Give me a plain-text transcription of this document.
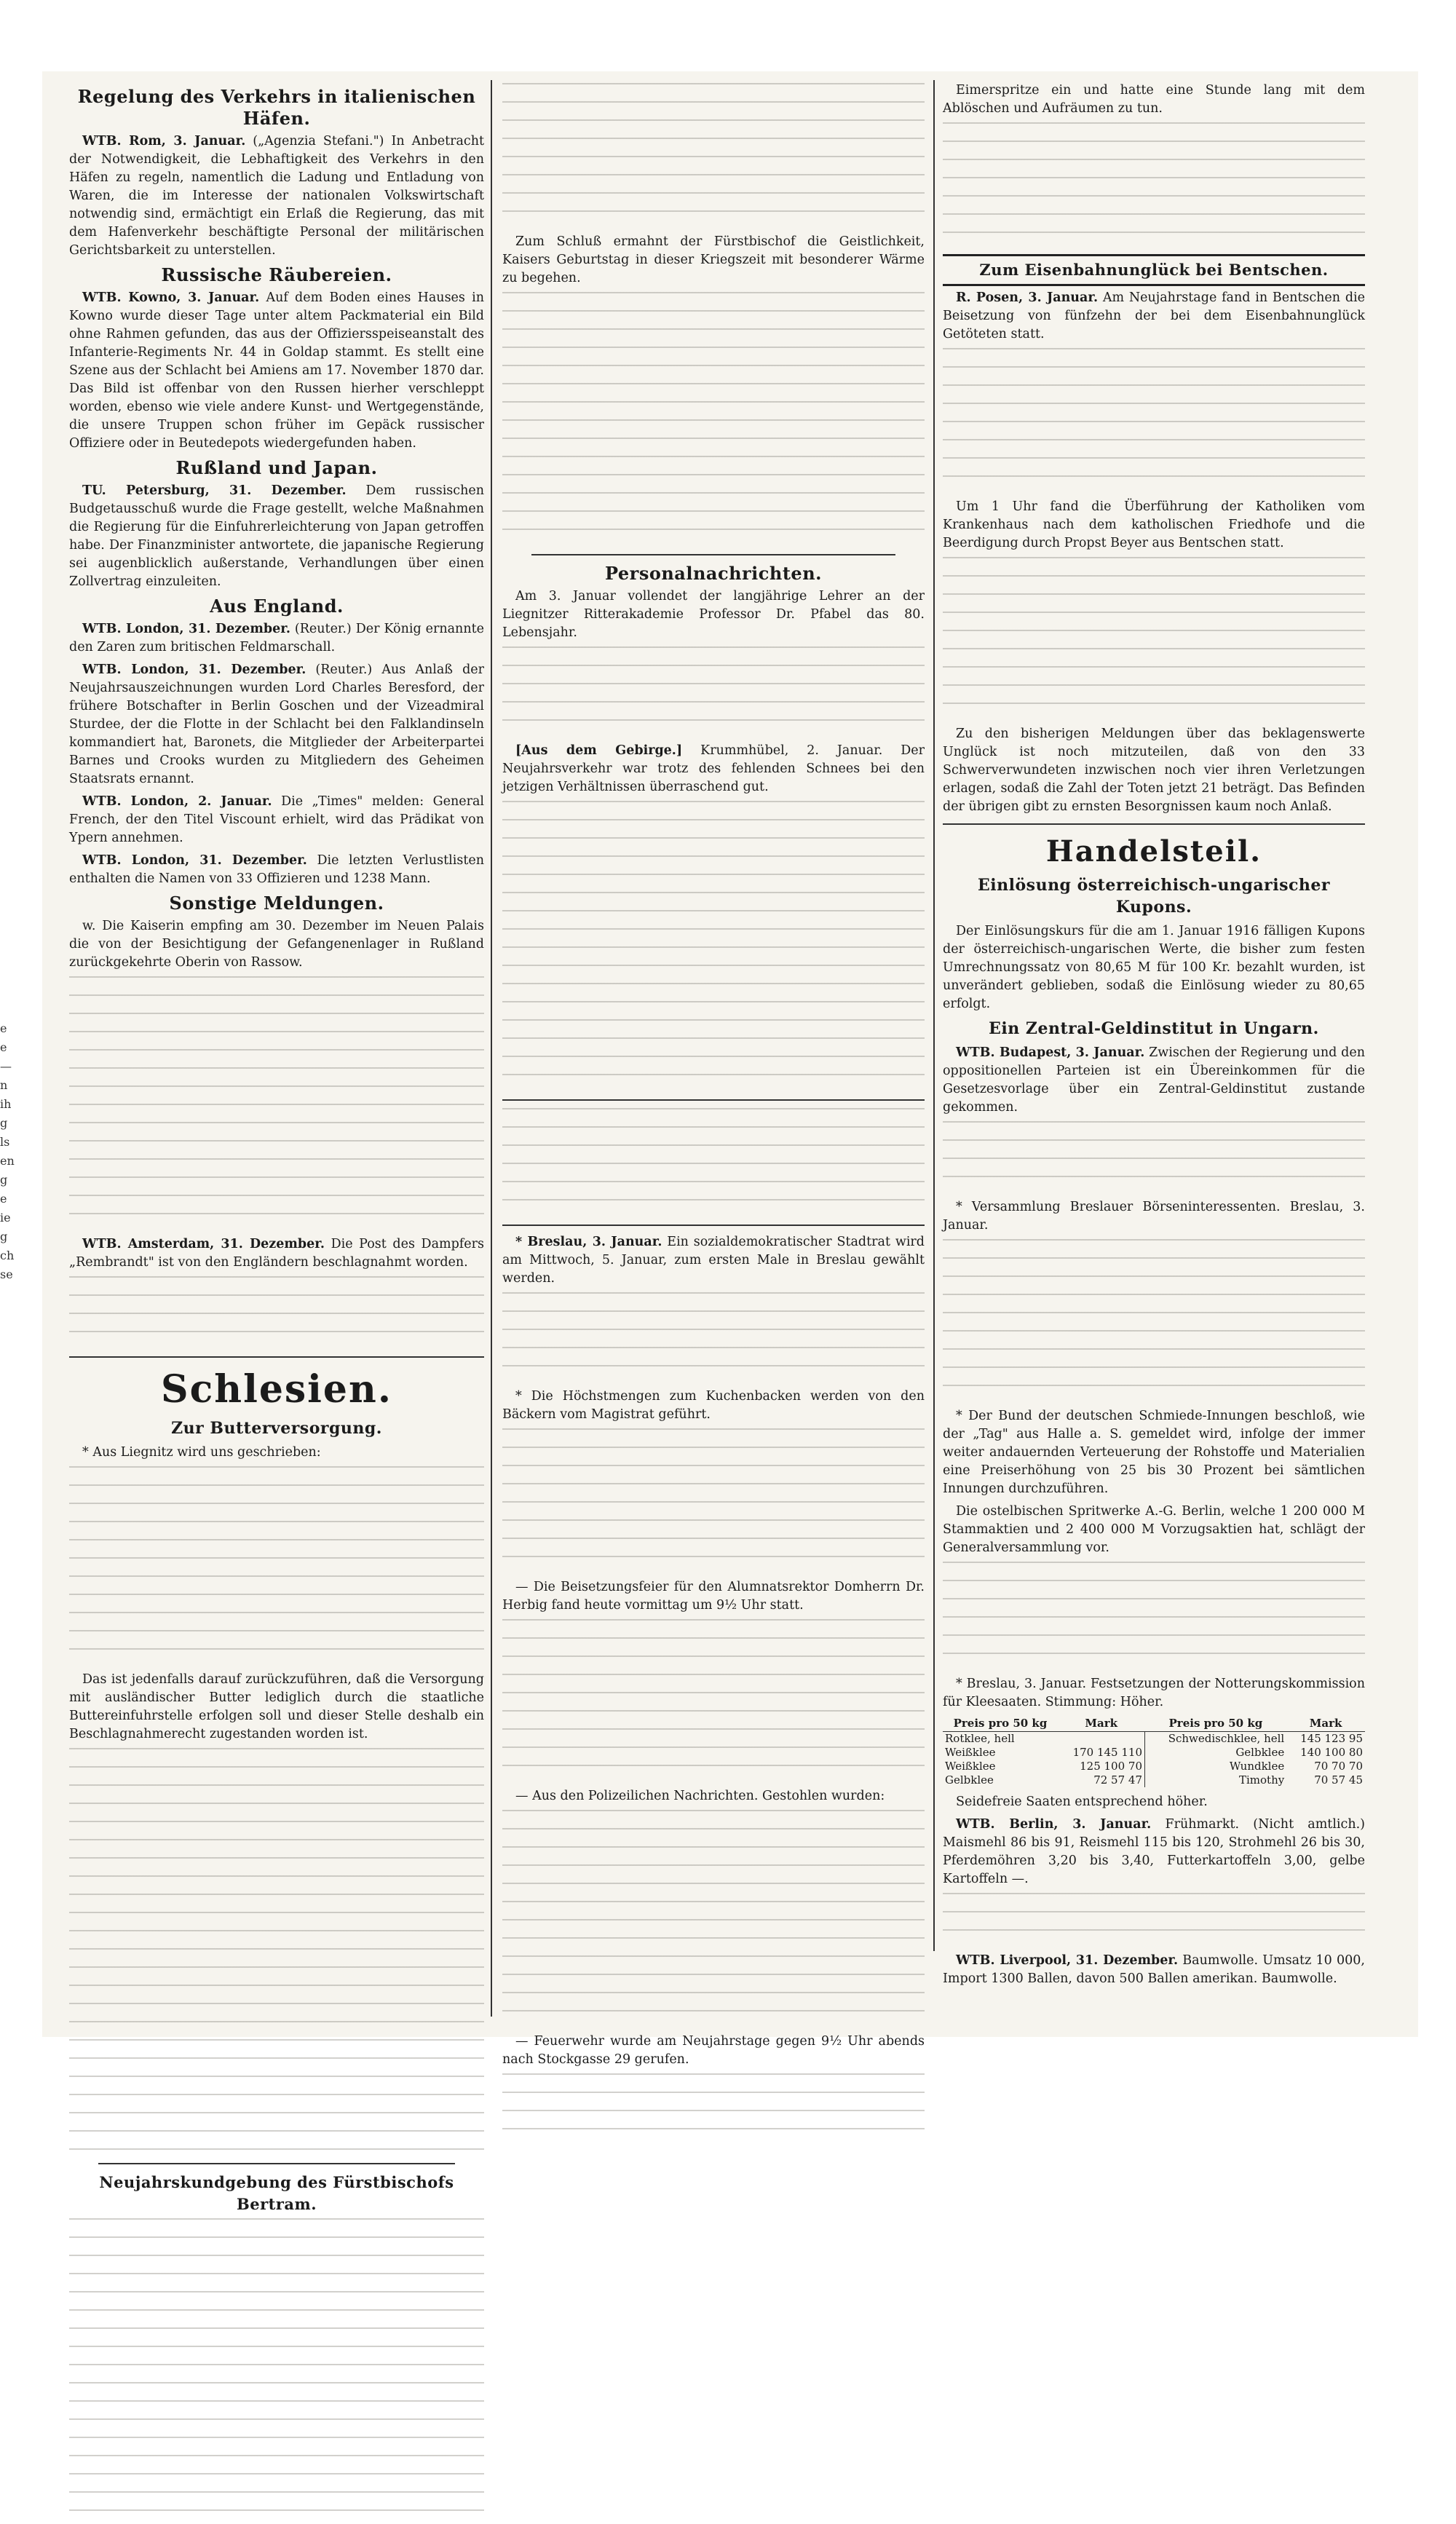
e
e
—
n
ih
g
ls
en
g
e
ie
g
ch
se
Regelung des Verkehrs in italienischen Häfen.

WTB. Rom, 3. Januar. („Agenzia Stefani.") In Anbetracht der Notwendigkeit, die Lebhaftigkeit des Verkehrs in den Häfen zu regeln, namentlich die Ladung und Entladung von Waren, die im Interesse der nationalen Volkswirtschaft notwendig sind, ermächtigt ein Erlaß die Regierung, das mit dem Hafenverkehr beschäftigte Personal der militärischen Gerichtsbarkeit zu unterstellen.

Russische Räubereien.

WTB. Kowno, 3. Januar. Auf dem Boden eines Hauses in Kowno wurde dieser Tage unter altem Packmaterial ein Bild ohne Rahmen gefunden, das aus der Offiziersspeiseanstalt des Infanterie-Regiments Nr. 44 in Goldap stammt. Es stellt eine Szene aus der Schlacht bei Amiens am 17. November 1870 dar. Das Bild ist offenbar von den Russen hierher verschleppt worden, ebenso wie viele andere Kunst- und Wertgegenstände, die unsere Truppen schon früher im Gepäck russischer Offiziere oder in Beutedepots wiedergefunden haben.

Rußland und Japan.

TU. Petersburg, 31. Dezember. Dem russischen Budgetausschuß wurde die Frage gestellt, welche Maßnahmen die Regierung für die Einfuhrerleichterung von Japan getroffen habe. Der Finanzminister antwortete, die japanische Regierung sei augenblicklich außerstande, Verhandlungen über einen Zollvertrag einzuleiten.

Aus England.

WTB. London, 31. Dezember. (Reuter.) Der König ernannte den Zaren zum britischen Feldmarschall.

WTB. London, 31. Dezember. (Reuter.) Aus Anlaß der Neujahrsauszeichnungen wurden Lord Charles Beresford, der frühere Botschafter in Berlin Goschen und der Vizeadmiral Sturdee, der die Flotte in der Schlacht bei den Falklandinseln kommandiert hat, Baronets, die Mitglieder der Arbeiterpartei Barnes und Crooks wurden zu Mitgliedern des Geheimen Staatsrats ernannt.

WTB. London, 2. Januar. Die „Times" melden: General French, der den Titel Viscount erhielt, wird das Prädikat von Ypern annehmen.

WTB. London, 31. Dezember. Die letzten Verlustlisten enthalten die Namen von 33 Offizieren und 1238 Mann.

Sonstige Meldungen.

w. Die Kaiserin empfing am 30. Dezember im Neuen Palais die von der Besichtigung der Gefangenenlager in Rußland zurückgekehrte Oberin von Rassow.

WTB. Amsterdam, 31. Dezember. Die Post des Dampfers „Rembrandt" ist von den Engländern beschlagnahmt worden.

Schlesien.
Zur Butterversorgung.

* Aus Liegnitz wird uns geschrieben:

Das ist jedenfalls darauf zurückzuführen, daß die Versorgung mit ausländischer Butter lediglich durch die staatliche Buttereinfuhrstelle erfolgen soll und dieser Stelle deshalb ein Beschlagnahmerecht zugestanden worden ist.

Neujahrskundgebung des Fürstbischofs Bertram.

Zum Schluß ermahnt der Fürstbischof die Geistlichkeit, Kaisers Geburtstag in dieser Kriegszeit mit besonderer Wärme zu begehen.

Personalnachrichten.

Am 3. Januar vollendet der langjährige Lehrer an der Liegnitzer Ritterakademie Professor Dr. Pfabel das 80. Lebensjahr.

[Aus dem Gebirge.] Krummhübel, 2. Januar. Der Neujahrsverkehr war trotz des fehlenden Schnees bei den jetzigen Verhältnissen überraschend gut.

* Breslau, 3. Januar. Ein sozialdemokratischer Stadtrat wird am Mittwoch, 5. Januar, zum ersten Male in Breslau gewählt werden.

* Die Höchstmengen zum Kuchenbacken werden von den Bäckern vom Magistrat geführt.

— Die Beisetzungsfeier für den Alumnatsrektor Domherrn Dr. Herbig fand heute vormittag um 9½ Uhr statt.

— Aus den Polizeilichen Nachrichten. Gestohlen wurden:

— Feuerwehr wurde am Neujahrstage gegen 9½ Uhr abends nach Stockgasse 29 gerufen.

Eimerspritze ein und hatte eine Stunde lang mit dem Ablöschen und Aufräumen zu tun.

Zum Eisenbahnunglück bei Bentschen.

R. Posen, 3. Januar. Am Neujahrstage fand in Bentschen die Beisetzung von fünfzehn der bei dem Eisenbahnunglück Getöteten statt.

Um 1 Uhr fand die Überführung der Katholiken vom Krankenhaus nach dem katholischen Friedhofe und die Beerdigung durch Propst Beyer aus Bentschen statt.

Zu den bisherigen Meldungen über das beklagenswerte Unglück ist noch mitzuteilen, daß von den 33 Schwerverwundeten inzwischen noch vier ihren Verletzungen erlagen, sodaß die Zahl der Toten jetzt 21 beträgt. Das Befinden der übrigen gibt zu ernsten Besorgnissen kaum noch Anlaß.

Handelsteil.
Einlösung österreichisch-ungarischer Kupons.

Der Einlösungskurs für die am 1. Januar 1916 fälligen Kupons der österreichisch-ungarischen Werte, die bisher zum festen Umrechnungssatz von 80,65 M für 100 Kr. bezahlt wurden, ist unverändert geblieben, sodaß die Einlösung wieder zu 80,65 erfolgt.

Ein Zentral-Geldinstitut in Ungarn.

WTB. Budapest, 3. Januar. Zwischen der Regierung und den oppositionellen Parteien ist ein Übereinkommen für die Gesetzesvorlage über ein Zentral-Geldinstitut zustande gekommen.

* Versammlung Breslauer Börseninteressenten. Breslau, 3. Januar.

* Der Bund der deutschen Schmiede-Innungen beschloß, wie der „Tag" aus Halle a. S. gemeldet wird, infolge der immer weiter andauernden Verteuerung der Rohstoffe und Materialien eine Preiserhöhung von 25 bis 30 Prozent bei sämtlichen Innungen durchzuführen.

Die ostelbischen Spritwerke A.-G. Berlin, welche 1 200 000 M Stammaktien und 2 400 000 M Vorzugsaktien hat, schlägt der Generalversammlung vor.

* Breslau, 3. Januar. Festsetzungen der Notterungskommission für Kleesaaten. Stimmung: Höher.

Preis pro 50 kg	Mark	Preis pro 50 kg	Mark
Rotklee, hell		Schwedischklee, hell	145 123 95
Weißklee	170 145 110	Gelbklee	140 100 80
Weißklee	125 100 70	Wundklee	70 70 70
Gelbklee	72 57 47	Timothy	70 57 45

Seidefreie Saaten entsprechend höher.

WTB. Berlin, 3. Januar. Frühmarkt. (Nicht amtlich.) Maismehl 86 bis 91, Reismehl 115 bis 120, Strohmehl 26 bis 30, Pferdemöhren 3,20 bis 3,40, Futterkartoffeln 3,00, gelbe Kartoffeln —.

WTB. Liverpool, 31. Dezember. Baumwolle. Umsatz 10 000, Import 1300 Ballen, davon 500 Ballen amerikan. Baumwolle.
